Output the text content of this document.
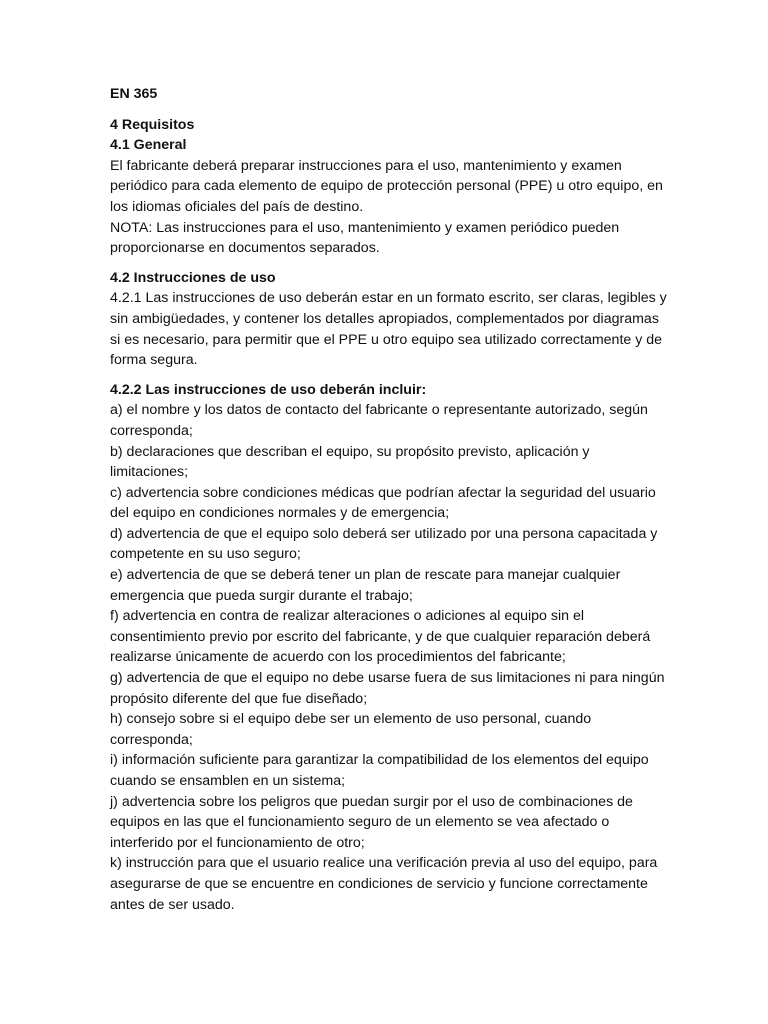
EN 365

4 Requisitos

4.1 General

El fabricante deberá preparar instrucciones para el uso, mantenimiento y examen periódico para cada elemento de equipo de protección personal (PPE) u otro equipo, en los idiomas oficiales del país de destino.

NOTA: Las instrucciones para el uso, mantenimiento y examen periódico pueden proporcionarse en documentos separados.

4.2 Instrucciones de uso

4.2.1 Las instrucciones de uso deberán estar en un formato escrito, ser claras, legibles y sin ambigüedades, y contener los detalles apropiados, complementados por diagramas si es necesario, para permitir que el PPE u otro equipo sea utilizado correctamente y de forma segura.

4.2.2 Las instrucciones de uso deberán incluir:

a) el nombre y los datos de contacto del fabricante o representante autorizado, según corresponda;

b) declaraciones que describan el equipo, su propósito previsto, aplicación y limitaciones;

c) advertencia sobre condiciones médicas que podrían afectar la seguridad del usuario del equipo en condiciones normales y de emergencia;

d) advertencia de que el equipo solo deberá ser utilizado por una persona capacitada y competente en su uso seguro;

e) advertencia de que se deberá tener un plan de rescate para manejar cualquier emergencia que pueda surgir durante el trabajo;

f) advertencia en contra de realizar alteraciones o adiciones al equipo sin el consentimiento previo por escrito del fabricante, y de que cualquier reparación deberá realizarse únicamente de acuerdo con los procedimientos del fabricante;

g) advertencia de que el equipo no debe usarse fuera de sus limitaciones ni para ningún propósito diferente del que fue diseñado;

h) consejo sobre si el equipo debe ser un elemento de uso personal, cuando corresponda;

i) información suficiente para garantizar la compatibilidad de los elementos del equipo cuando se ensamblen en un sistema;

j) advertencia sobre los peligros que puedan surgir por el uso de combinaciones de equipos en las que el funcionamiento seguro de un elemento se vea afectado o interferido por el funcionamiento de otro;

k) instrucción para que el usuario realice una verificación previa al uso del equipo, para asegurarse de que se encuentre en condiciones de servicio y funcione correctamente antes de ser usado.
